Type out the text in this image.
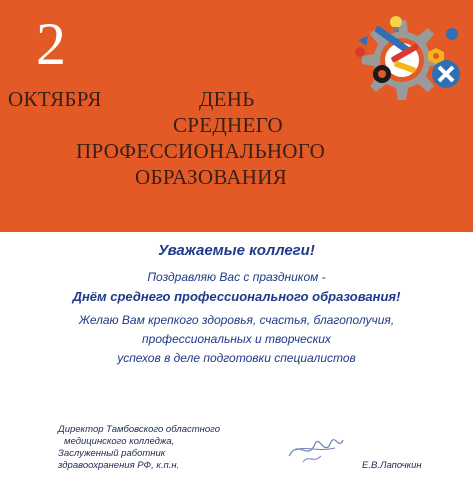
2
ОКТЯБРЯ	ДЕНЬ
СРЕДНЕГО
ПРОФЕССИОНАЛЬНОГО
ОБРАЗОВАНИЯ
Уважаемые коллеги!
Поздравляю Вас с праздником -
Днём среднего профессионального образования!
Желаю Вам крепкого здоровья, счастья, благополучия,
профессиональных и творческих
успехов в деле подготовки специалистов
Директор Тамбовского областного
медицинского колледжа,
Заслуженный работник
здравоохранения РФ, к.п.н.	Е.В.Лапочкин
